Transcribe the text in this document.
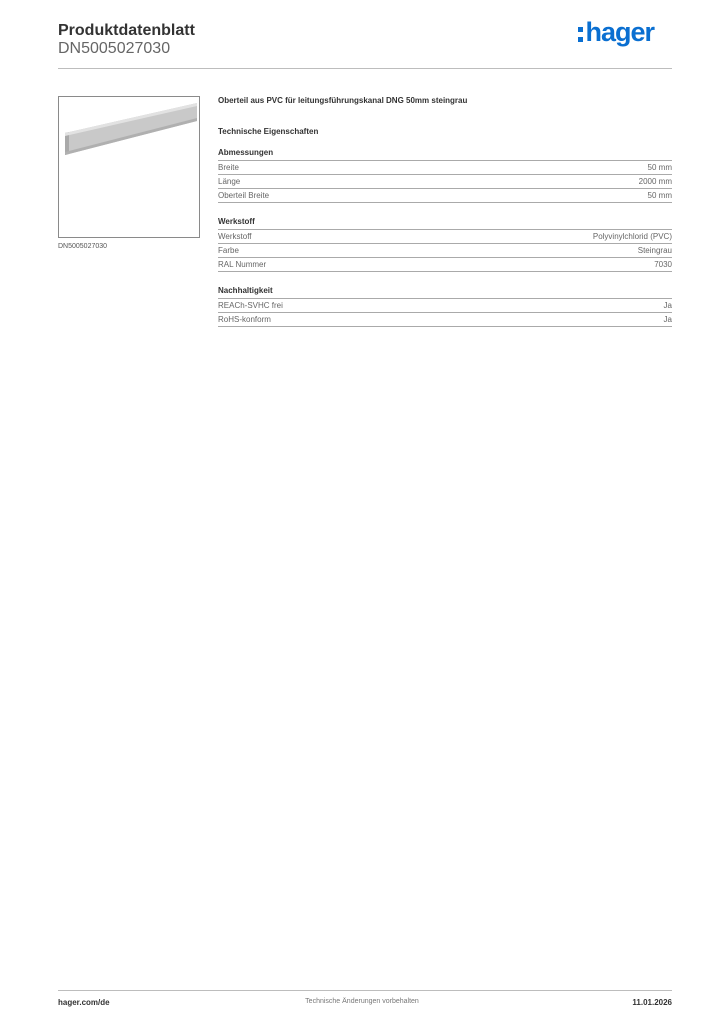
Produktdatenblatt
DN5005027030
hager
DN5005027030
Oberteil aus PVC für leitungsführungskanal DNG 50mm steingrau
Technische Eigenschaften
Abmessungen
Breite	50 mm
Länge	2000 mm
Oberteil Breite	50 mm
Werkstoff
Werkstoff	Polyvinylchlorid (PVC)
Farbe	Steingrau
RAL Nummer	7030
Nachhaltigkeit
REACh-SVHC frei	Ja
RoHS-konform	Ja
hager.com/de	Technische Änderungen vorbehalten	11.01.2026
